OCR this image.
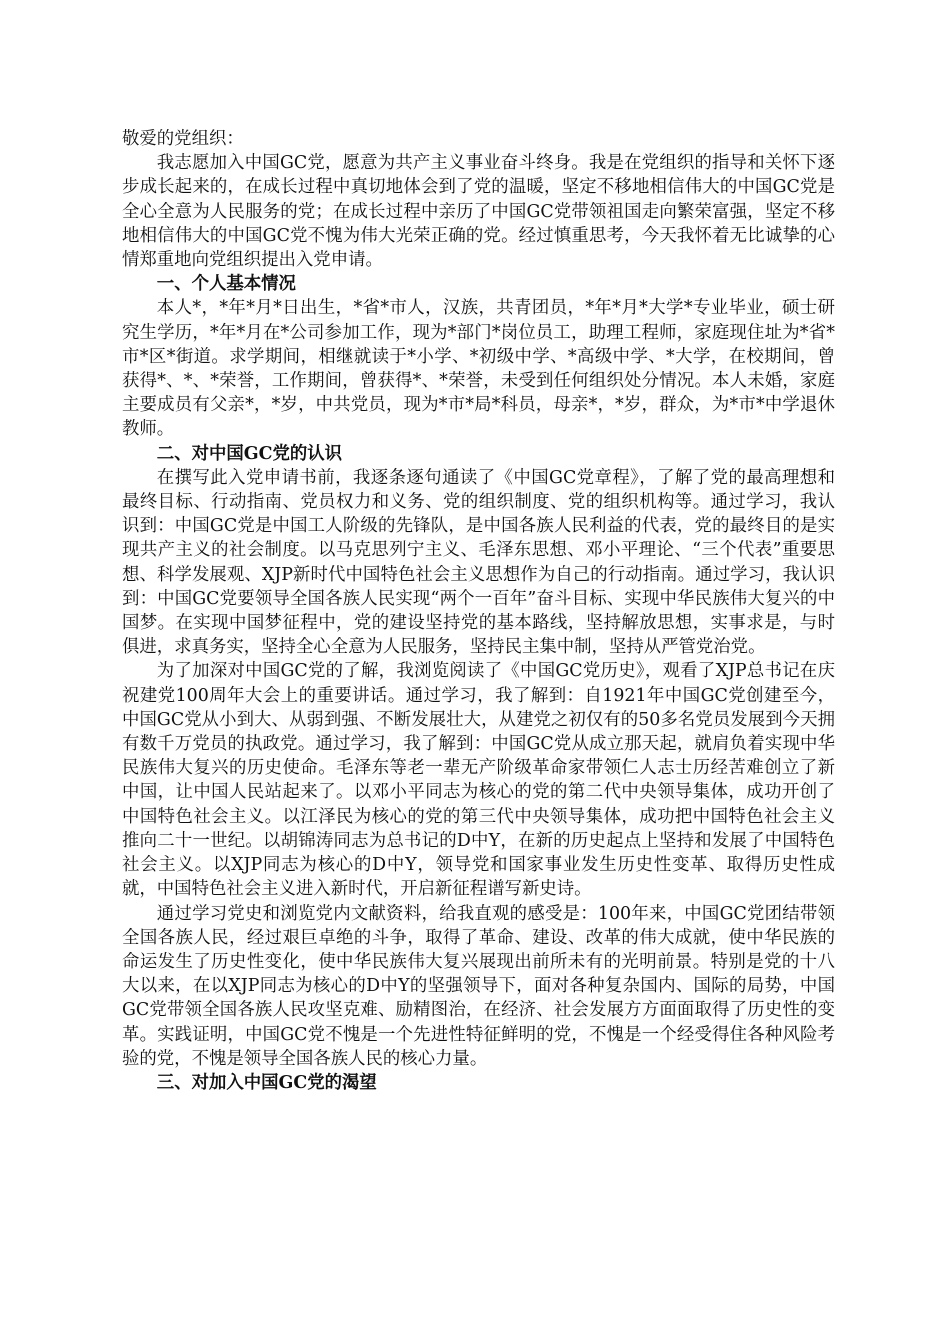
敬爱的党组织：

我志愿加入中国GC党，愿意为共产主义事业奋斗终身。我是在党组织的指导和关怀下逐步成长起来的，在成长过程中真切地体会到了党的温暖，坚定不移地相信伟大的中国GC党是全心全意为人民服务的党；在成长过程中亲历了中国GC党带领祖国走向繁荣富强，坚定不移地相信伟大的中国GC党不愧为伟大光荣正确的党。经过慎重思考，今天我怀着无比诚挚的心情郑重地向党组织提出入党申请。

一、个人基本情况

本人*，*年*月*日出生，*省*市人，汉族，共青团员，*年*月*大学*专业毕业，硕士研究生学历，*年*月在*公司参加工作，现为*部门*岗位员工，助理工程师，家庭现住址为*省*市*区*街道。求学期间，相继就读于*小学、*初级中学、*高级中学、*大学，在校期间，曾获得*、*、*荣誉，工作期间，曾获得*、*荣誉，未受到任何组织处分情况。本人未婚，家庭主要成员有父亲*，*岁，中共党员，现为*市*局*科员，母亲*，*岁，群众，为*市*中学退休教师。

二、对中国GC党的认识

在撰写此入党申请书前，我逐条逐句通读了《中国GC党章程》，了解了党的最高理想和最终目标、行动指南、党员权力和义务、党的组织制度、党的组织机构等。通过学习，我认识到：中国GC党是中国工人阶级的先锋队，是中国各族人民利益的代表，党的最终目的是实现共产主义的社会制度。以马克思列宁主义、毛泽东思想、邓小平理论、“三个代表”重要思想、科学发展观、XJP新时代中国特色社会主义思想作为自己的行动指南。通过学习，我认识到：中国GC党要领导全国各族人民实现“两个一百年”奋斗目标、实现中华民族伟大复兴的中国梦。在实现中国梦征程中，党的建设坚持党的基本路线，坚持解放思想，实事求是，与时俱进，求真务实，坚持全心全意为人民服务，坚持民主集中制，坚持从严管党治党。

为了加深对中国GC党的了解，我浏览阅读了《中国GC党历史》，观看了XJP总书记在庆祝建党100周年大会上的重要讲话。通过学习，我了解到：自1921年中国GC党创建至今，中国GC党从小到大、从弱到强、不断发展壮大，从建党之初仅有的50多名党员发展到今天拥有数千万党员的执政党。通过学习，我了解到：中国GC党从成立那天起，就肩负着实现中华民族伟大复兴的历史使命。毛泽东等老一辈无产阶级革命家带领仁人志士历经苦难创立了新中国，让中国人民站起来了。以邓小平同志为核心的党的第二代中央领导集体，成功开创了中国特色社会主义。以江泽民为核心的党的第三代中央领导集体，成功把中国特色社会主义推向二十一世纪。以胡锦涛同志为总书记的D中Y，在新的历史起点上坚持和发展了中国特色社会主义。以XJP同志为核心的D中Y，领导党和国家事业发生历史性变革、取得历史性成就，中国特色社会主义进入新时代，开启新征程谱写新史诗。

通过学习党史和浏览党内文献资料，给我直观的感受是：100年来，中国GC党团结带领全国各族人民，经过艰巨卓绝的斗争，取得了革命、建设、改革的伟大成就，使中华民族的命运发生了历史性变化，使中华民族伟大复兴展现出前所未有的光明前景。特别是党的十八大以来，在以XJP同志为核心的D中Y的坚强领导下，面对各种复杂国内、国际的局势，中国GC党带领全国各族人民攻坚克难、励精图治，在经济、社会发展方方面面取得了历史性的变革。实践证明，中国GC党不愧是一个先进性特征鲜明的党，不愧是一个经受得住各种风险考验的党，不愧是领导全国各族人民的核心力量。

三、对加入中国GC党的渴望
